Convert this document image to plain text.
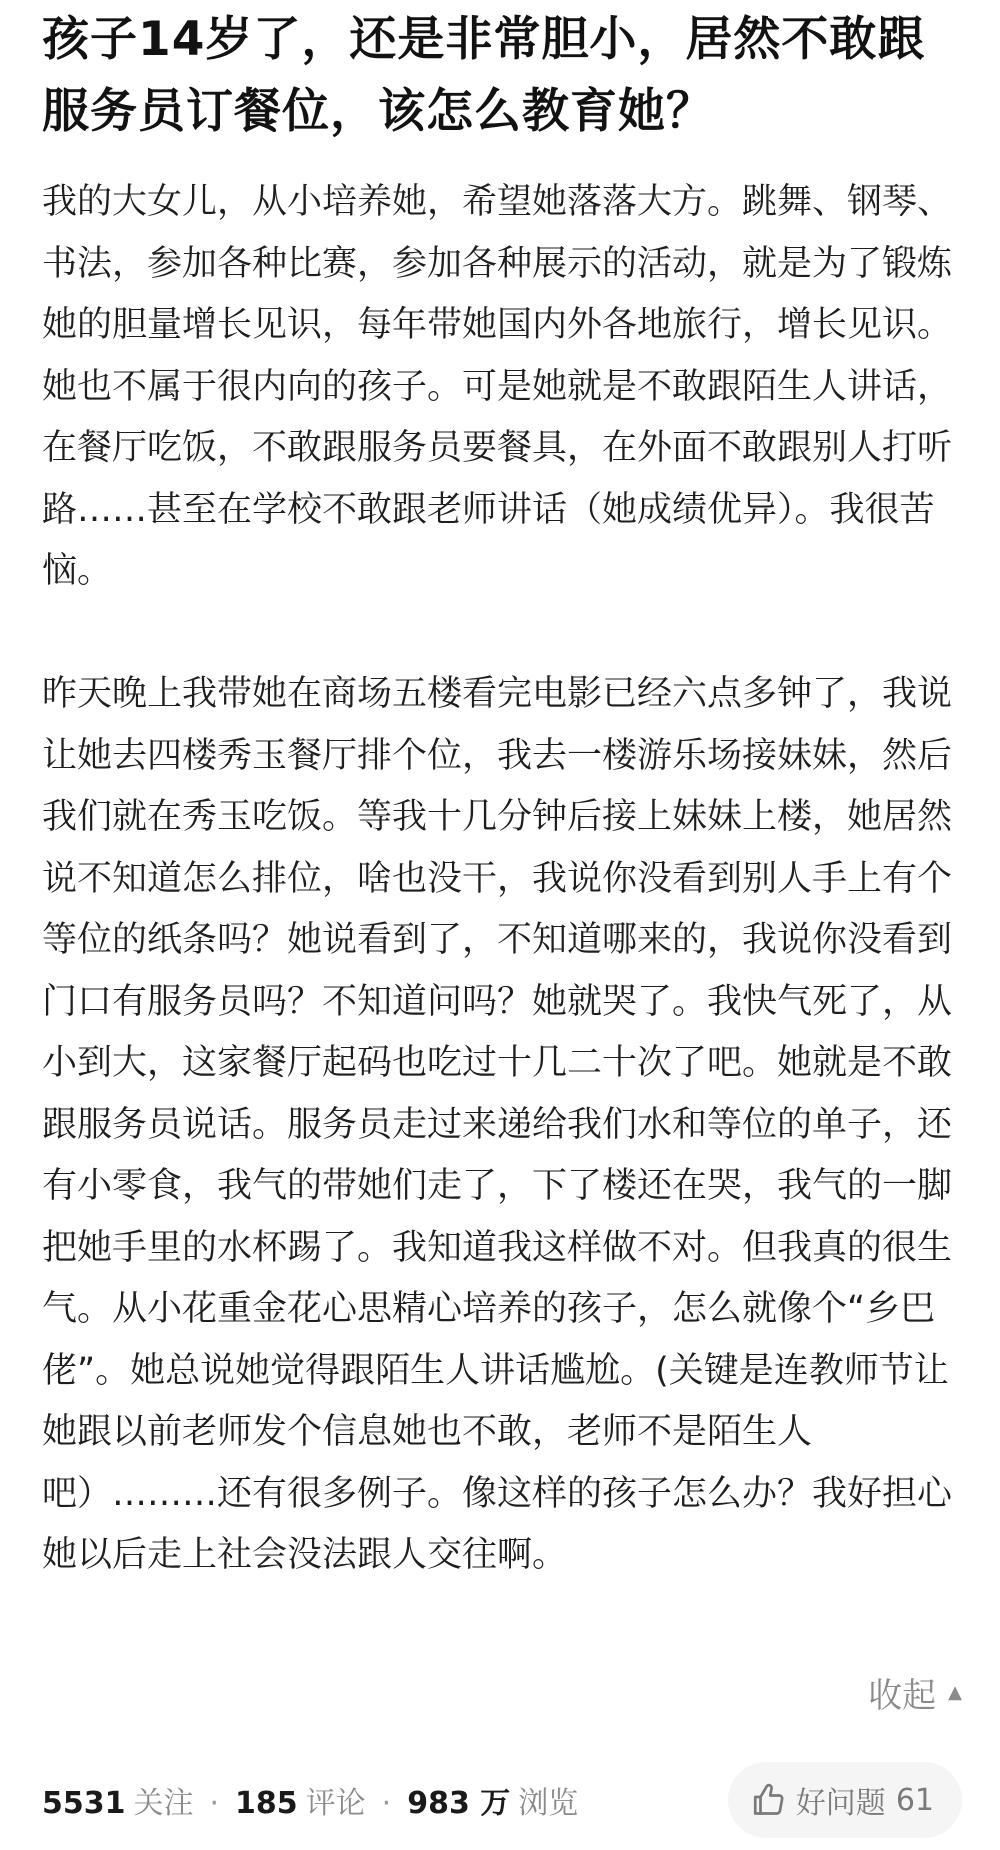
孩子14岁了，还是非常胆小，居然不敢跟服务员订餐位，该怎么教育她？

我的大女儿，从小培养她，希望她落落大方。跳舞、钢琴、书法，参加各种比赛，参加各种展示的活动，就是为了锻炼她的胆量增长见识，每年带她国内外各地旅行，增长见识。她也不属于很内向的孩子。可是她就是不敢跟陌生人讲话，在餐厅吃饭，不敢跟服务员要餐具，在外面不敢跟别人打听路……甚至在学校不敢跟老师讲话（她成绩优异）。我很苦恼。

昨天晚上我带她在商场五楼看完电影已经六点多钟了，我说让她去四楼秀玉餐厅排个位，我去一楼游乐场接妹妹，然后我们就在秀玉吃饭。等我十几分钟后接上妹妹上楼，她居然说不知道怎么排位，啥也没干，我说你没看到别人手上有个等位的纸条吗？她说看到了，不知道哪来的，我说你没看到门口有服务员吗？不知道问吗？她就哭了。我快气死了，从小到大，这家餐厅起码也吃过十几二十次了吧。她就是不敢跟服务员说话。服务员走过来递给我们水和等位的单子，还有小零食，我气的带她们走了，下了楼还在哭，我气的一脚把她手里的水杯踢了。我知道我这样做不对。但我真的很生气。从小花重金花心思精心培养的孩子，怎么就像个“乡巴佬”。她总说她觉得跟陌生人讲话尴尬。(关键是连教师节让她跟以前老师发个信息她也不敢，老师不是陌生人吧）………还有很多例子。像这样的孩子怎么办？我好担心她以后走上社会没法跟人交往啊。

收起 ▲
5531 关注 · 185 评论 · 983 万 浏览	好问题 61
